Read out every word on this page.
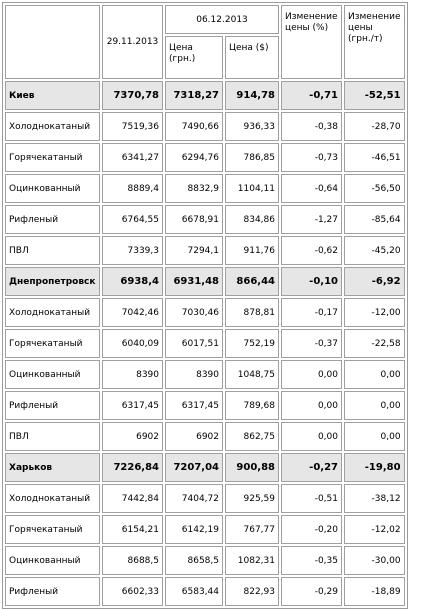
	29.11.2013	06.12.2013		Изменение цены (%)	Изменение цены (грн./т)
		Цена (грн.)	Цена ($)		
Киев	7370,78	7318,27	914,78	-0,71	-52,51
Холоднокатаный	7519,36	7490,66	936,33	-0,38	-28,70
Горячекатаный	6341,27	6294,76	786,85	-0,73	-46,51
Оцинкованный	8889,4	8832,9	1104,11	-0,64	-56,50
Рифленый	6764,55	6678,91	834,86	-1,27	-85,64
ПВЛ	7339,3	7294,1	911,76	-0,62	-45,20
Днепропетровск	6938,4	6931,48	866,44	-0,10	-6,92
Холоднокатаный	7042,46	7030,46	878,81	-0,17	-12,00
Горячекатаный	6040,09	6017,51	752,19	-0,37	-22,58
Оцинкованный	8390	8390	1048,75	0,00	0,00
Рифленый	6317,45	6317,45	789,68	0,00	0,00
ПВЛ	6902	6902	862,75	0,00	0,00
Харьков	7226,84	7207,04	900,88	-0,27	-19,80
Холоднокатаный	7442,84	7404,72	925,59	-0,51	-38,12
Горячекатаный	6154,21	6142,19	767,77	-0,20	-12,02
Оцинкованный	8688,5	8658,5	1082,31	-0,35	-30,00
Рифленый	6602,33	6583,44	822,93	-0,29	-18,89
